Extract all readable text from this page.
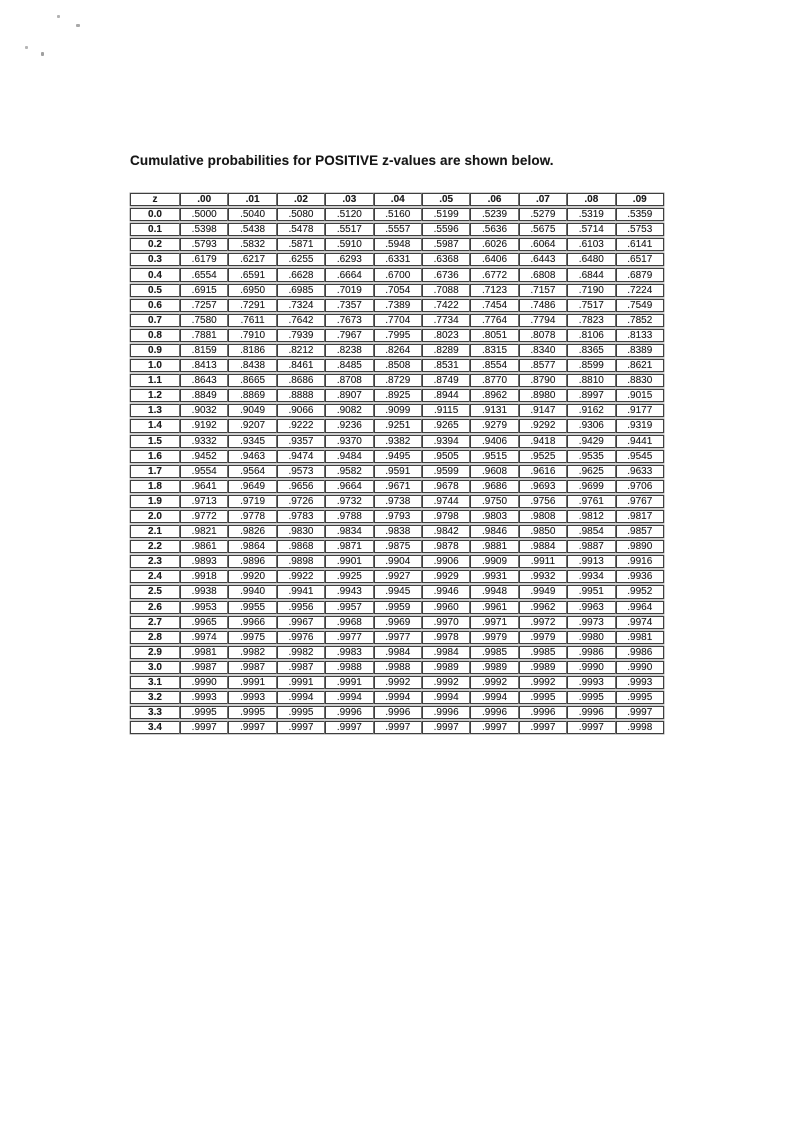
Cumulative probabilities for POSITIVE z-values are shown below.
z	.00	.01	.02	.03	.04	.05	.06	.07	.08	.09
0.0	.5000	.5040	.5080	.5120	.5160	.5199	.5239	.5279	.5319	.5359
0.1	.5398	.5438	.5478	.5517	.5557	.5596	.5636	.5675	.5714	.5753
0.2	.5793	.5832	.5871	.5910	.5948	.5987	.6026	.6064	.6103	.6141
0.3	.6179	.6217	.6255	.6293	.6331	.6368	.6406	.6443	.6480	.6517
0.4	.6554	.6591	.6628	.6664	.6700	.6736	.6772	.6808	.6844	.6879
0.5	.6915	.6950	.6985	.7019	.7054	.7088	.7123	.7157	.7190	.7224
0.6	.7257	.7291	.7324	.7357	.7389	.7422	.7454	.7486	.7517	.7549
0.7	.7580	.7611	.7642	.7673	.7704	.7734	.7764	.7794	.7823	.7852
0.8	.7881	.7910	.7939	.7967	.7995	.8023	.8051	.8078	.8106	.8133
0.9	.8159	.8186	.8212	.8238	.8264	.8289	.8315	.8340	.8365	.8389
1.0	.8413	.8438	.8461	.8485	.8508	.8531	.8554	.8577	.8599	.8621
1.1	.8643	.8665	.8686	.8708	.8729	.8749	.8770	.8790	.8810	.8830
1.2	.8849	.8869	.8888	.8907	.8925	.8944	.8962	.8980	.8997	.9015
1.3	.9032	.9049	.9066	.9082	.9099	.9115	.9131	.9147	.9162	.9177
1.4	.9192	.9207	.9222	.9236	.9251	.9265	.9279	.9292	.9306	.9319
1.5	.9332	.9345	.9357	.9370	.9382	.9394	.9406	.9418	.9429	.9441
1.6	.9452	.9463	.9474	.9484	.9495	.9505	.9515	.9525	.9535	.9545
1.7	.9554	.9564	.9573	.9582	.9591	.9599	.9608	.9616	.9625	.9633
1.8	.9641	.9649	.9656	.9664	.9671	.9678	.9686	.9693	.9699	.9706
1.9	.9713	.9719	.9726	.9732	.9738	.9744	.9750	.9756	.9761	.9767
2.0	.9772	.9778	.9783	.9788	.9793	.9798	.9803	.9808	.9812	.9817
2.1	.9821	.9826	.9830	.9834	.9838	.9842	.9846	.9850	.9854	.9857
2.2	.9861	.9864	.9868	.9871	.9875	.9878	.9881	.9884	.9887	.9890
2.3	.9893	.9896	.9898	.9901	.9904	.9906	.9909	.9911	.9913	.9916
2.4	.9918	.9920	.9922	.9925	.9927	.9929	.9931	.9932	.9934	.9936
2.5	.9938	.9940	.9941	.9943	.9945	.9946	.9948	.9949	.9951	.9952
2.6	.9953	.9955	.9956	.9957	.9959	.9960	.9961	.9962	.9963	.9964
2.7	.9965	.9966	.9967	.9968	.9969	.9970	.9971	.9972	.9973	.9974
2.8	.9974	.9975	.9976	.9977	.9977	.9978	.9979	.9979	.9980	.9981
2.9	.9981	.9982	.9982	.9983	.9984	.9984	.9985	.9985	.9986	.9986
3.0	.9987	.9987	.9987	.9988	.9988	.9989	.9989	.9989	.9990	.9990
3.1	.9990	.9991	.9991	.9991	.9992	.9992	.9992	.9992	.9993	.9993
3.2	.9993	.9993	.9994	.9994	.9994	.9994	.9994	.9995	.9995	.9995
3.3	.9995	.9995	.9995	.9996	.9996	.9996	.9996	.9996	.9996	.9997
3.4	.9997	.9997	.9997	.9997	.9997	.9997	.9997	.9997	.9997	.9998
